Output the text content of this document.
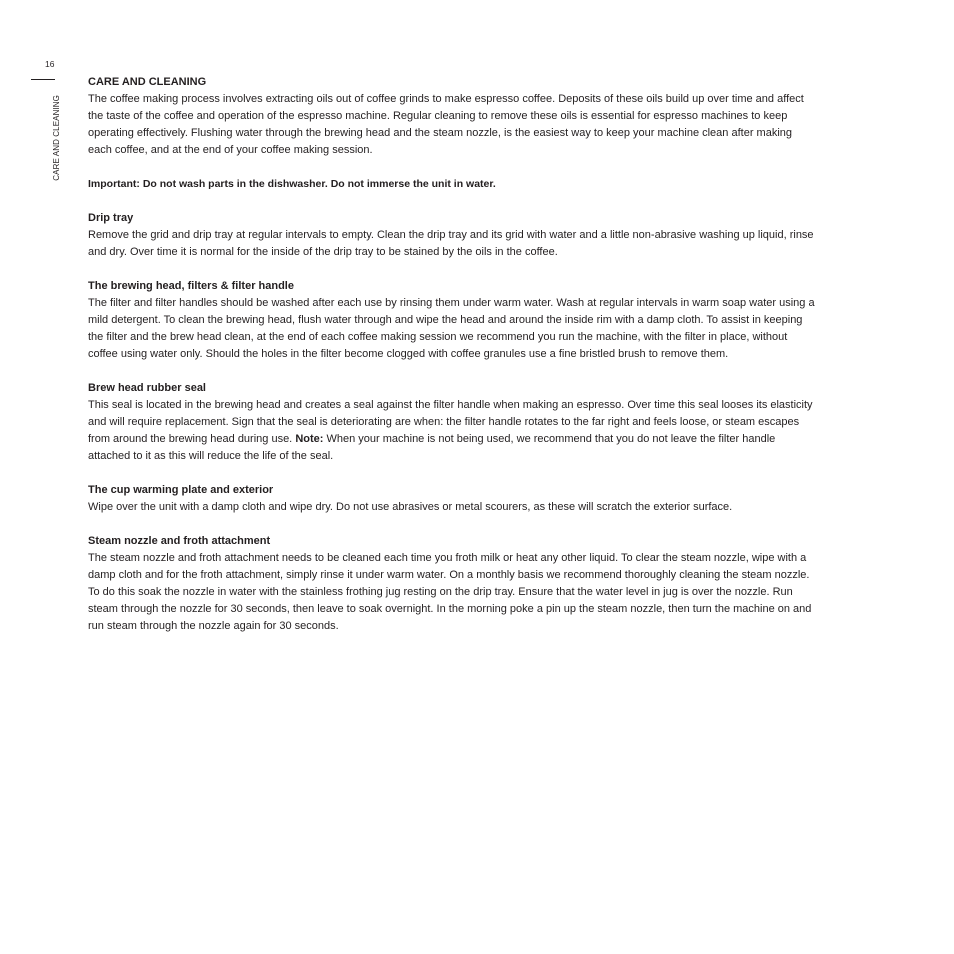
16
CARE AND CLEANING

CARE AND CLEANING

The coffee making process involves extracting oils out of coffee grinds to make espresso coffee. Deposits of these oils build up over time and affect the taste of the coffee and operation of the espresso machine. Regular cleaning to remove these oils is essential for espresso machines to keep operating effectively. Flushing water through the brewing head and the steam nozzle, is the easiest way to keep your machine clean after making each coffee, and at the end of your coffee making session.

Important: Do not wash parts in the dishwasher. Do not immerse the unit in water.

Drip tray

Remove the grid and drip tray at regular intervals to empty. Clean the drip tray and its grid with water and a little non-abrasive washing up liquid, rinse and dry. Over time it is normal for the inside of the drip tray to be stained by the oils in the coffee.

The brewing head, filters & filter handle

The filter and filter handles should be washed after each use by rinsing them under warm water. Wash at regular intervals in warm soap water using a mild detergent. To clean the brewing head, flush water through and wipe the head and around the inside rim with a damp cloth. To assist in keeping the filter and the brew head clean, at the end of each coffee making session we recommend you run the machine, with the filter in place, without coffee using water only. Should the holes in the filter become clogged with coffee granules use a fine bristled brush to remove them.

Brew head rubber seal

This seal is located in the brewing head and creates a seal against the filter handle when making an espresso. Over time this seal looses its elasticity and will require replacement. Sign that the seal is deteriorating are when: the filter handle rotates to the far right and feels loose, or steam escapes from around the brewing head during use. Note: When your machine is not being used, we recommend that you do not leave the filter handle attached to it as this will reduce the life of the seal.

The cup warming plate and exterior

Wipe over the unit with a damp cloth and wipe dry. Do not use abrasives or metal scourers, as these will scratch the exterior surface.

Steam nozzle and froth attachment

The steam nozzle and froth attachment needs to be cleaned each time you froth milk or heat any other liquid. To clear the steam nozzle, wipe with a damp cloth and for the froth attachment, simply rinse it under warm water. On a monthly basis we recommend thoroughly cleaning the steam nozzle. To do this soak the nozzle in water with the stainless frothing jug resting on the drip tray. Ensure that the water level in jug is over the nozzle. Run steam through the nozzle for 30 seconds, then leave to soak overnight. In the morning poke a pin up the steam nozzle, then turn the machine on and run steam through the nozzle again for 30 seconds.
